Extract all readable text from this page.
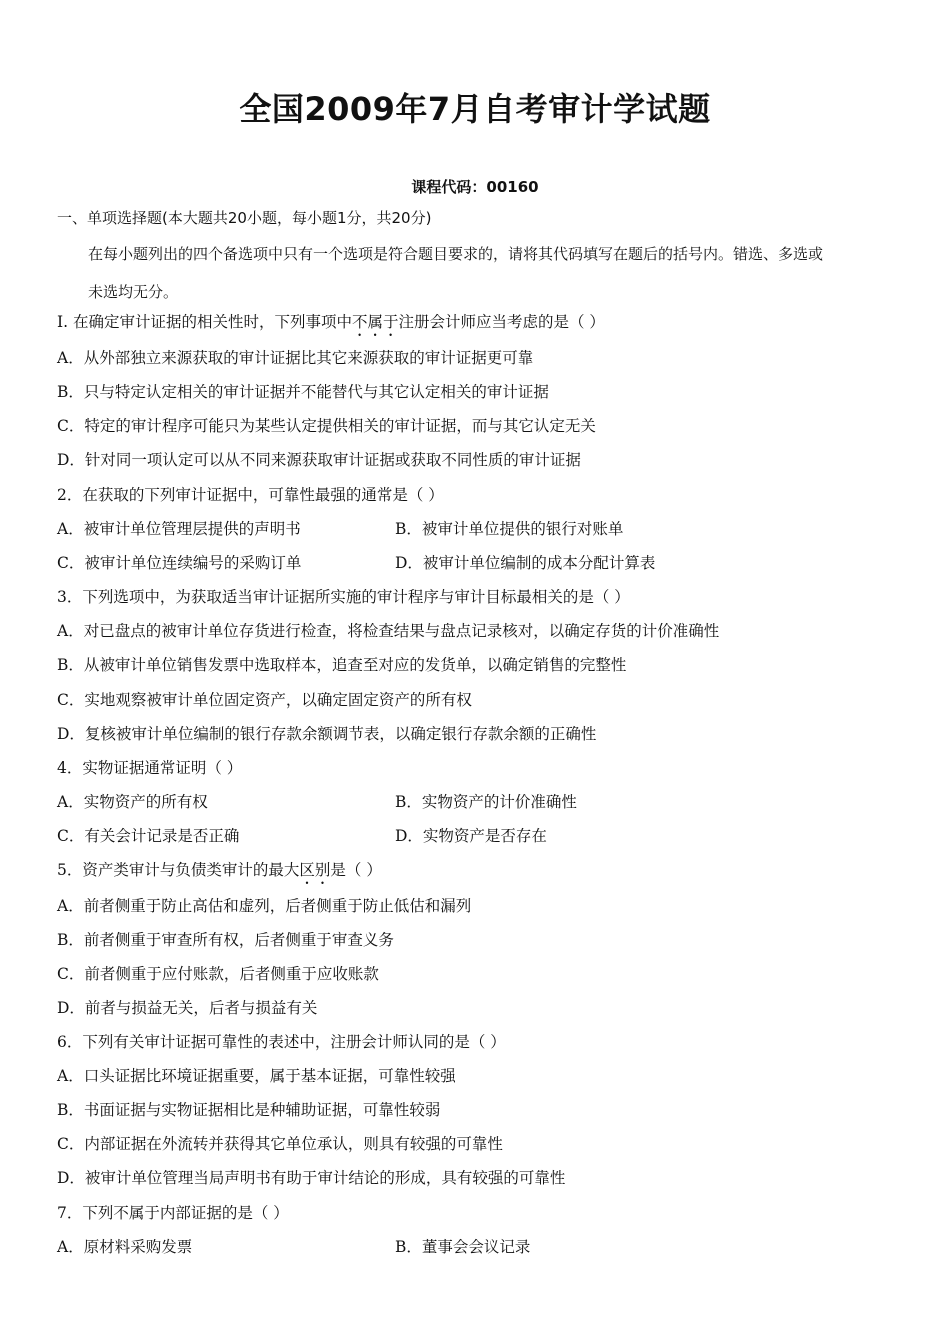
全国2009年7月自考审计学试题
课程代码：00160
一、单项选择题(本大题共20小题，每小题1分，共20分)
在每小题列出的四个备选项中只有一个选项是符合题目要求的，请将其代码填写在题后的括号内。错选、多选或
未选均无分。
I. 在确定审计证据的相关性时，下列事项中不属于注册会计师应当考虑的是（ ）
A．从外部独立来源获取的审计证据比其它来源获取的审计证据更可靠
B．只与特定认定相关的审计证据并不能替代与其它认定相关的审计证据
C．特定的审计程序可能只为某些认定提供相关的审计证据，而与其它认定无关
D．针对同一项认定可以从不同来源获取审计证据或获取不同性质的审计证据
2．在获取的下列审计证据中，可靠性最强的通常是（ ）
A．被审计单位管理层提供的声明书	B．被审计单位提供的银行对账单
C．被审计单位连续编号的采购订单	D．被审计单位编制的成本分配计算表
3．下列选项中，为获取适当审计证据所实施的审计程序与审计目标最相关的是（ ）
A．对已盘点的被审计单位存货进行检查，将检查结果与盘点记录核对，以确定存货的计价准确性
B．从被审计单位销售发票中选取样本，追查至对应的发货单，以确定销售的完整性
C．实地观察被审计单位固定资产，以确定固定资产的所有权
D．复核被审计单位编制的银行存款余额调节表，以确定银行存款余额的正确性
4．实物证据通常证明（ ）
A．实物资产的所有权	B．实物资产的计价准确性
C．有关会计记录是否正确	D．实物资产是否存在
5．资产类审计与负债类审计的最大区别是（ ）
A．前者侧重于防止高估和虚列，后者侧重于防止低估和漏列
B．前者侧重于审查所有权，后者侧重于审查义务
C．前者侧重于应付账款，后者侧重于应收账款
D．前者与损益无关，后者与损益有关
6．下列有关审计证据可靠性的表述中，注册会计师认同的是（ ）
A．口头证据比环境证据重要，属于基本证据，可靠性较强
B．书面证据与实物证据相比是种辅助证据，可靠性较弱
C．内部证据在外流转并获得其它单位承认，则具有较强的可靠性
D．被审计单位管理当局声明书有助于审计结论的形成，具有较强的可靠性
7．下列不属于内部证据的是（ ）
A．原材料采购发票	B．董事会会议记录
